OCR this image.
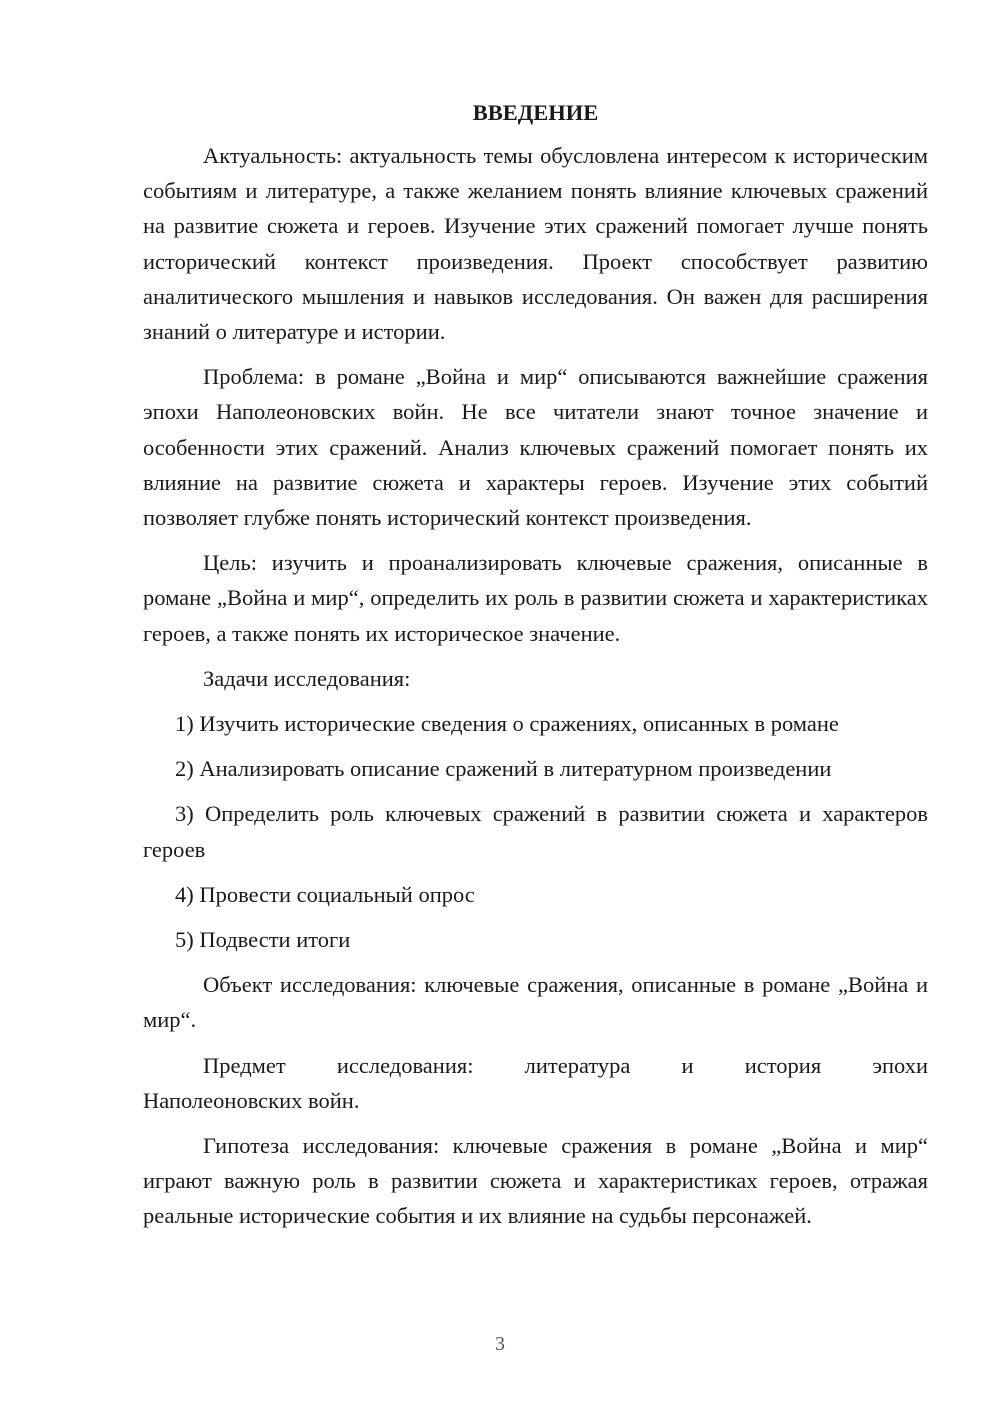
ВВЕДЕНИЕ

Актуальность: актуальность темы обусловлена интересом к историческим событиям и литературе, а также желанием понять влияние ключевых сражений на развитие сюжета и героев. Изучение этих сражений помогает лучше понять исторический контекст произведения. Проект способствует развитию аналитического мышления и навыков исследования. Он важен для расширения знаний о литературе и истории.

Проблема: в романе „Война и мир“ описываются важнейшие сражения эпохи Наполеоновских войн. Не все читатели знают точное значение и особенности этих сражений. Анализ ключевых сражений помогает понять их влияние на развитие сюжета и характеры героев. Изучение этих событий позволяет глубже понять исторический контекст произведения.

Цель: изучить и проанализировать ключевые сражения, описанные в романе „Война и мир“, определить их роль в развитии сюжета и характеристиках героев, а также понять их историческое значение.

Задачи исследования:

1) Изучить исторические сведения о сражениях, описанных в романе

2) Анализировать описание сражений в литературном произведении

3) Определить роль ключевых сражений в развитии сюжета и характеров героев

4) Провести социальный опрос

5) Подвести итоги

Объект исследования: ключевые сражения, описанные в романе „Война и мир“.

Предмет исследования: литература и история эпохи
Наполеоновских войн.

Гипотеза исследования: ключевые сражения в романе „Война и мир“ играют важную роль в развитии сюжета и характеристиках героев, отражая реальные исторические события и их влияние на судьбы персонажей.

3
